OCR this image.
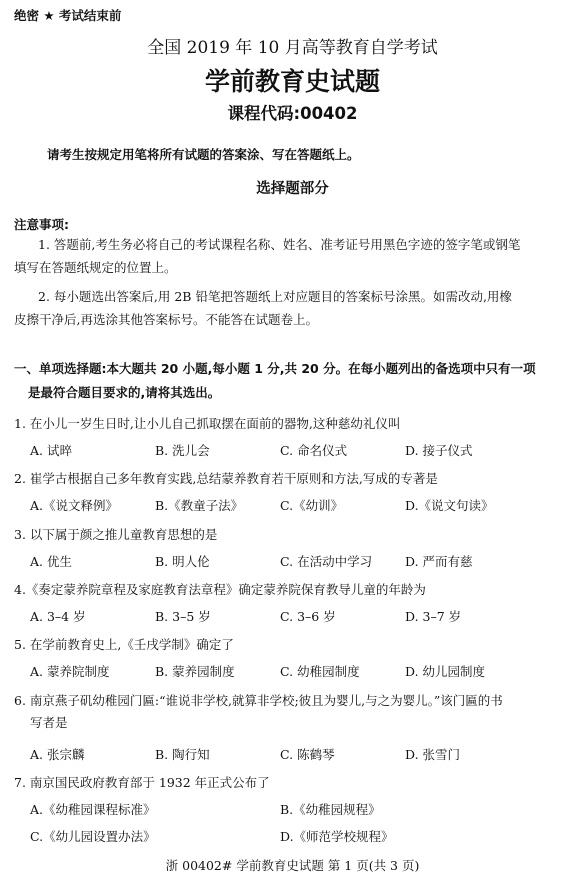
绝密 ★ 考试结束前
全国 2019 年 10 月高等教育自学考试
学前教育史试题
课程代码:00402
请考生按规定用笔将所有试题的答案涂、写在答题纸上。
选择题部分
注意事项:
1. 答题前,考生务必将自己的考试课程名称、姓名、准考证号用黑色字迹的签字笔或钢笔
填写在答题纸规定的位置上。
2. 每小题选出答案后,用 2B 铅笔把答题纸上对应题目的答案标号涂黑。如需改动,用橡
皮擦干净后,再选涂其他答案标号。不能答在试题卷上。
一、单项选择题:本大题共 20 小题,每小题 1 分,共 20 分。在每小题列出的备选项中只有一项
是最符合题目要求的,请将其选出。
1. 在小儿一岁生日时,让小儿自己抓取摆在面前的器物,这种慈幼礼仪叫
A. 试晬	B. 洗儿会	C. 命名仪式	D. 接子仪式
2. 崔学古根据自己多年教育实践,总结蒙养教育若干原则和方法,写成的专著是
A.《说文释例》	B.《教童子法》	C.《幼训》	D.《说文句读》
3. 以下属于颜之推儿童教育思想的是
A. 优生	B. 明人伦	C. 在活动中学习	D. 严而有慈
4.《奏定蒙养院章程及家庭教育法章程》确定蒙养院保育教导儿童的年龄为
A. 3–4 岁	B. 3–5 岁	C. 3–6 岁	D. 3–7 岁
5. 在学前教育史上,《壬戌学制》确定了
A. 蒙养院制度	B. 蒙养园制度	C. 幼稚园制度	D. 幼儿园制度
6. 南京燕子矶幼稚园门匾:“谁说非学校,就算非学校;彼且为婴儿,与之为婴儿。”该门匾的书
写者是
A. 张宗麟	B. 陶行知	C. 陈鹤琴	D. 张雪门
7. 南京国民政府教育部于 1932 年正式公布了
A.《幼稚园课程标准》	B.《幼稚园规程》
C.《幼儿园设置办法》	D.《师范学校规程》
浙 00402# 学前教育史试题 第 1 页(共 3 页)
